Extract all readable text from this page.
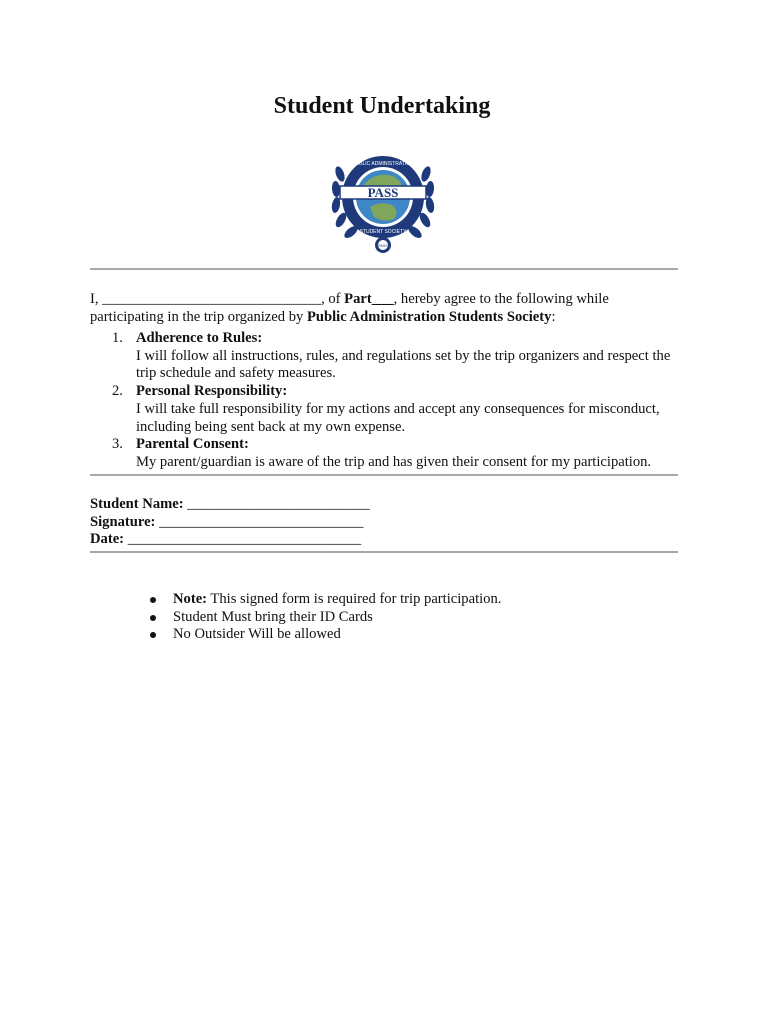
Student Undertaking
PASS
PUBLIC ADMINISTRATION
STUDENT SOCIETY
PASS

I, ______________________________, of Part___, hereby agree to the following while participating in the trip organized by Public Administration Students Society:

1. Adherence to Rules:
I will follow all instructions, rules, and regulations set by the trip organizers and respect the trip schedule and safety measures.
2. Personal Responsibility:
I will take full responsibility for my actions and accept any consequences for misconduct, including being sent back at my own expense.
3. Parental Consent:
My parent/guardian is aware of the trip and has given their consent for my participation.
Student Name: _________________________
Signature: ____________________________
Date: ________________________________
Note: This signed form is required for trip participation.
Student Must bring their ID Cards
No Outsider Will be allowed
